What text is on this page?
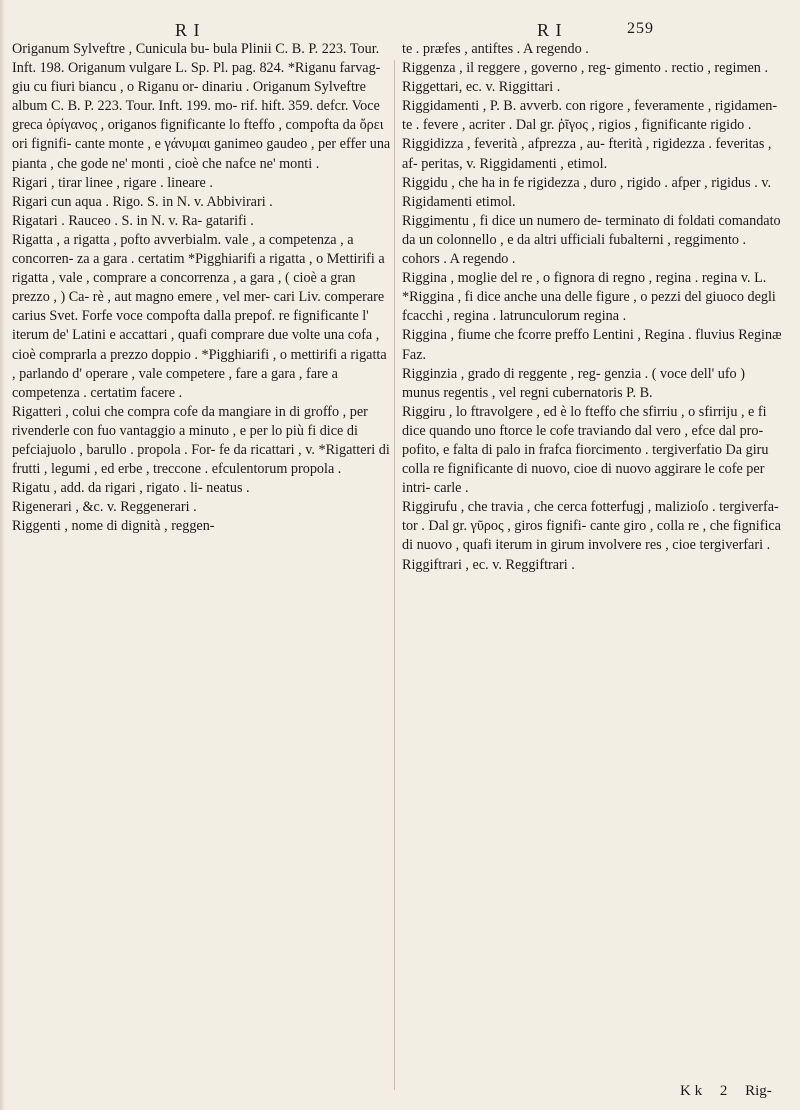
R I	R I	259

Origanum Sylveftre , Cunicula bu- bula Plinii C. B. P. 223. Tour. Inft. 198. Origanum vulgare L. Sp. Pl. pag. 824. *Riganu farvag- giu cu fiuri biancu , o Riganu or- dinariu . Origanum Sylveftre album C. B. P. 223. Tour. Inft. 199. mo- rif. hift. 359. defcr. Voce greca ὀρίγανος , origanos fignificante lo fteffo , compofta da ὄρει ori fignifi- cante monte , e γάνυμαι ganimeo gaudeo , per effer una pianta , che gode ne' monti , cioè che nafce ne' monti .

Rigari , tirar linee , rigare . lineare .

Rigari cun aqua . Rigo. S. in N. v. Abbivirari .

Rigatari . Rauceo . S. in N. v. Ra- gatarifi .

Rigatta , a rigatta , pofto avverbialm. vale , a competenza , a concorren- za a gara . certatim *Pigghiarifi a rigatta , o Mettirifi a rigatta , vale , comprare a concorrenza , a gara , ( cioè a gran prezzo , ) Ca- rè , aut magno emere , vel mer- cari Liv. comperare carius Svet. Forfe voce compofta dalla prepof. re fignificante l' iterum de' Latini e accattari , quafi comprare due volte una cofa , cioè comprarla a prezzo doppio . *Pigghiarifi , o mettirifi a rigatta , parlando d' operare , vale competere , fare a gara , fare a competenza . certatim facere .

Rigatteri , colui che compra cofe da mangiare in di groffo , per rivenderle con fuo vantaggio a minuto , e per lo più fi dice di pefciajuolo , barullo . propola . For- fe da ricattari , v. *Rigatteri di frutti , legumi , ed erbe , treccone . efculentorum propola .

Rigatu , add. da rigari , rigato . li- neatus .

Rigenerari , &c. v. Reggenerari .

Riggenti , nome di dignità , reggen-

te . præfes , antiftes . A regendo .

Riggenza , il reggere , governo , reg- gimento . rectio , regimen .

Riggettari, ec. v. Riggittari .

Riggidamenti , P. B. avverb. con rigore , feveramente , rigidamen- te . fevere , acriter . Dal gr. ῥῖγος , rigios , fignificante rigido .

Riggidizza , feverità , afprezza , au- fterità , rigidezza . feveritas , af- peritas, v. Riggidamenti , etimol.

Riggidu , che ha in fe rigidezza , duro , rigido . afper , rigidus . v. Rigidamenti etimol.

Riggimentu , fi dice un numero de- terminato di foldati comandato da un colonnello , e da altri ufficiali fubalterni , reggimento . cohors . A regendo .

Riggina , moglie del re , o fignora di regno , regina . regina v. L. *Riggina , fi dice anche una delle figure , o pezzi del giuoco degli fcacchi , regina . latrunculorum regina .

Riggina , fiume che fcorre preffo Lentini , Regina . fluvius Reginæ Faz.

Rigginzia , grado di reggente , reg- genzia . ( voce dell' ufo ) munus regentis , vel regni cubernatoris P. B.

Riggiru , lo ftravolgere , ed è lo fteffo che sfirriu , o sfirriju , e fi dice quando uno ftorce le cofe traviando dal vero , efce dal pro- pofito, e falta di palo in frafca fiorcimento . tergiverfatio Da giru colla re fignificante di nuovo, cioe di nuovo aggirare le cofe per intri- carle .

Riggirufu , che travia , che cerca fotterfugj , malizioſo . tergiverfa- tor . Dal gr. γῦρος , giros fignifi- cante giro , colla re , che fignifica di nuovo , quafi iterum in girum involvere res , cioe tergiverfari .

Riggiftrari , ec. v. Reggiftrari .

K k 2 Rig-
